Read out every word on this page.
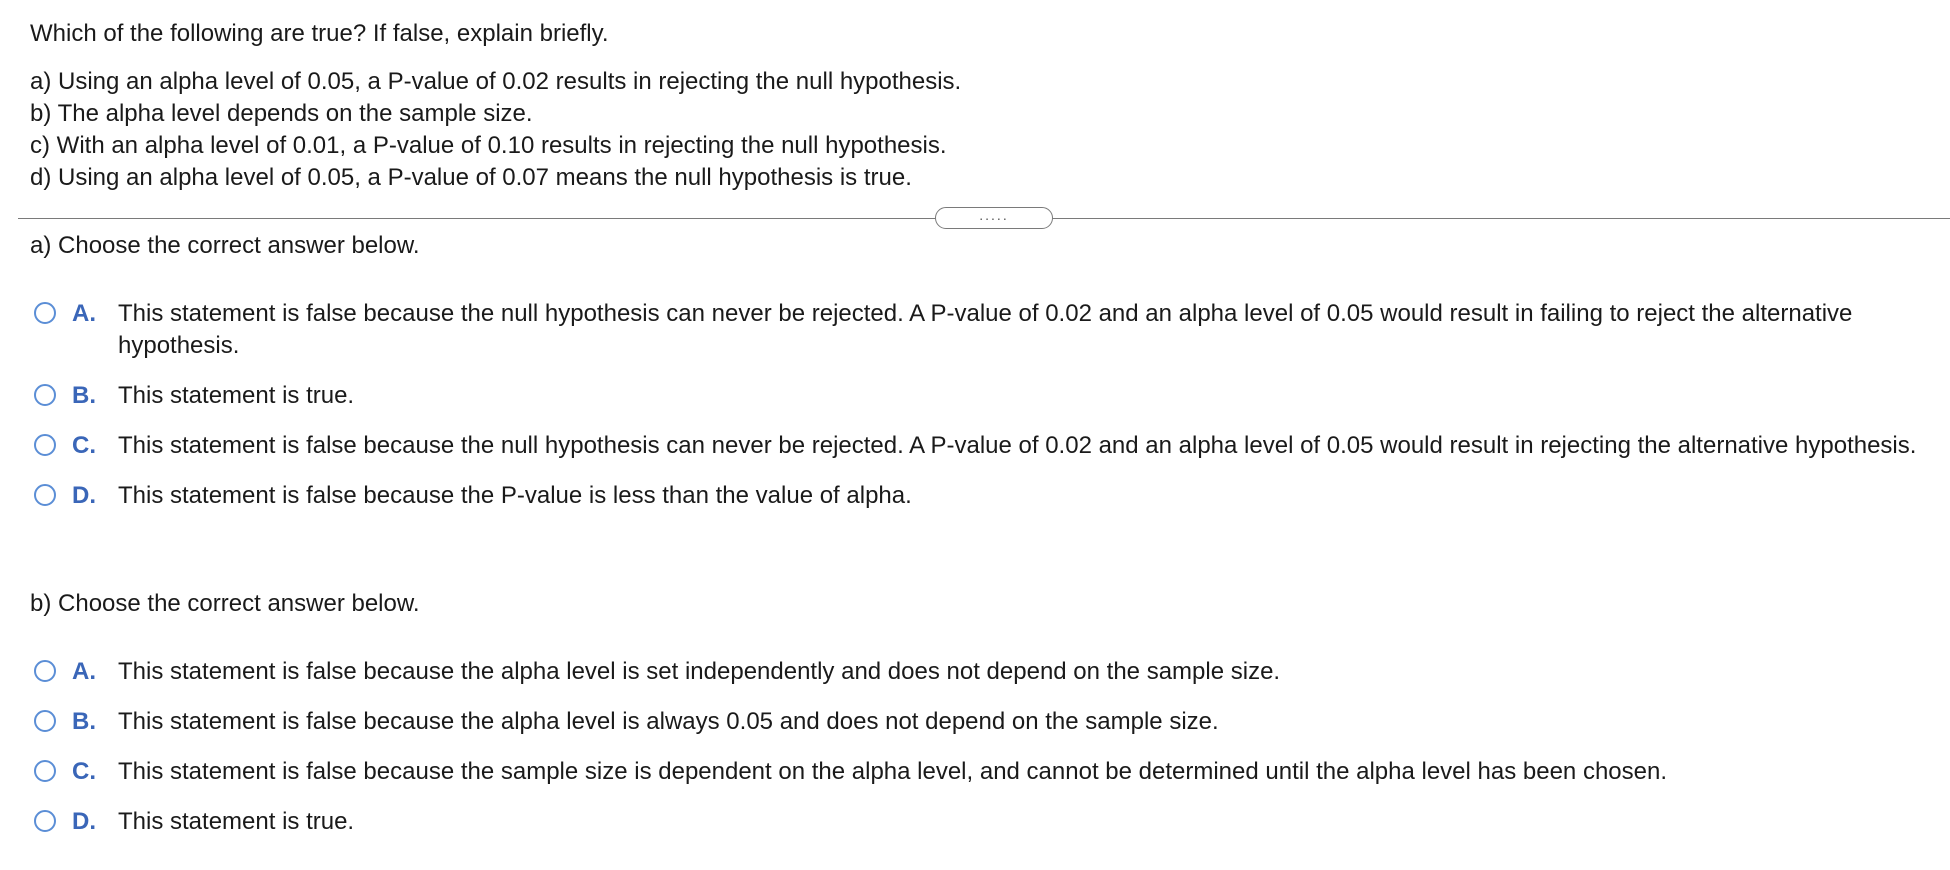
Which of the following are true? If false, explain briefly.

a) Using an alpha level of 0.05, a P-value of 0.02 results in rejecting the null hypothesis.
b) The alpha level depends on the sample size.
c) With an alpha level of 0.01, a P-value of 0.10 results in rejecting the null hypothesis.
d) Using an alpha level of 0.05, a P-value of 0.07 means the null hypothesis is true.
.....

a) Choose the correct answer below.

A. This statement is false because the null hypothesis can never be rejected. A P-value of 0.02 and an alpha level of 0.05 would result in failing to reject the alternative hypothesis.
B. This statement is true.
C. This statement is false because the null hypothesis can never be rejected. A P-value of 0.02 and an alpha level of 0.05 would result in rejecting the alternative hypothesis.
D. This statement is false because the P-value is less than the value of alpha.

b) Choose the correct answer below.

A. This statement is false because the alpha level is set independently and does not depend on the sample size.
B. This statement is false because the alpha level is always 0.05 and does not depend on the sample size.
C. This statement is false because the sample size is dependent on the alpha level, and cannot be determined until the alpha level has been chosen.
D. This statement is true.
